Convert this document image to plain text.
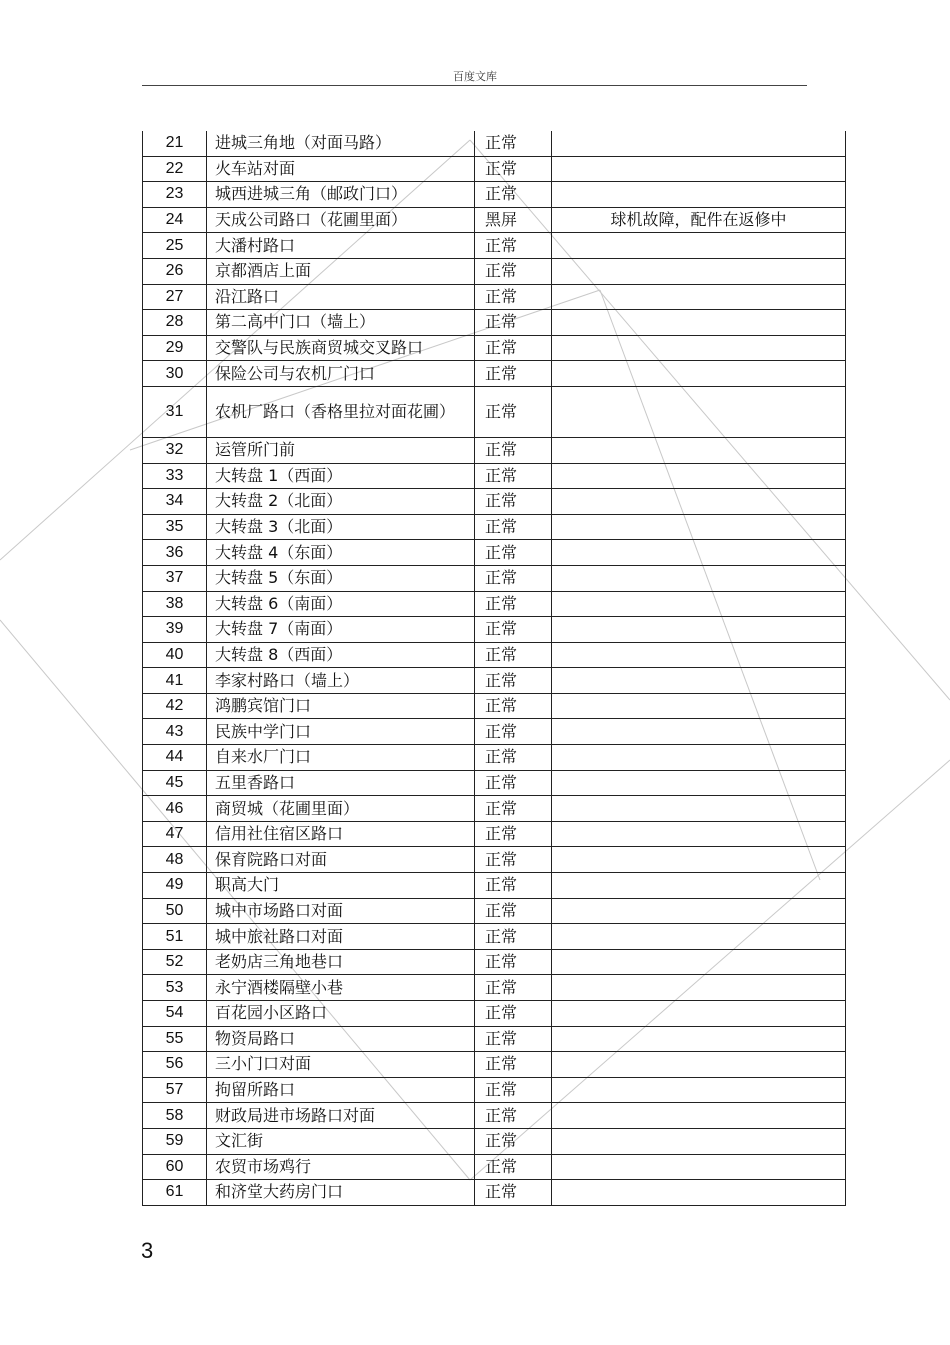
百度文库
21	进城三角地（对面马路）	正常	
22	火车站对面	正常	
23	城西进城三角（邮政门口）	正常	
24	天成公司路口（花圃里面）	黑屏	球机故障，配件在返修中
25	大潘村路口	正常	
26	京都酒店上面	正常	
27	沿江路口	正常	
28	第二高中门口（墙上）	正常	
29	交警队与民族商贸城交叉路口	正常	
30	保险公司与农机厂门口	正常	
31	农机厂路口（香格里拉对面花圃）	正常	
32	运管所门前	正常	
33	大转盘 1（西面）	正常	
34	大转盘 2（北面）	正常	
35	大转盘 3（北面）	正常	
36	大转盘 4（东面）	正常	
37	大转盘 5（东面）	正常	
38	大转盘 6（南面）	正常	
39	大转盘 7（南面）	正常	
40	大转盘 8（西面）	正常	
41	李家村路口（墙上）	正常	
42	鸿鹏宾馆门口	正常	
43	民族中学门口	正常	
44	自来水厂门口	正常	
45	五里香路口	正常	
46	商贸城（花圃里面）	正常	
47	信用社住宿区路口	正常	
48	保育院路口对面	正常	
49	职高大门	正常	
50	城中市场路口对面	正常	
51	城中旅社路口对面	正常	
52	老奶店三角地巷口	正常	
53	永宁酒楼隔壁小巷	正常	
54	百花园小区路口	正常	
55	物资局路口	正常	
56	三小门口对面	正常	
57	拘留所路口	正常	
58	财政局进市场路口对面	正常	
59	文汇街	正常	
60	农贸市场鸡行	正常	
61	和济堂大药房门口	正常	
3
